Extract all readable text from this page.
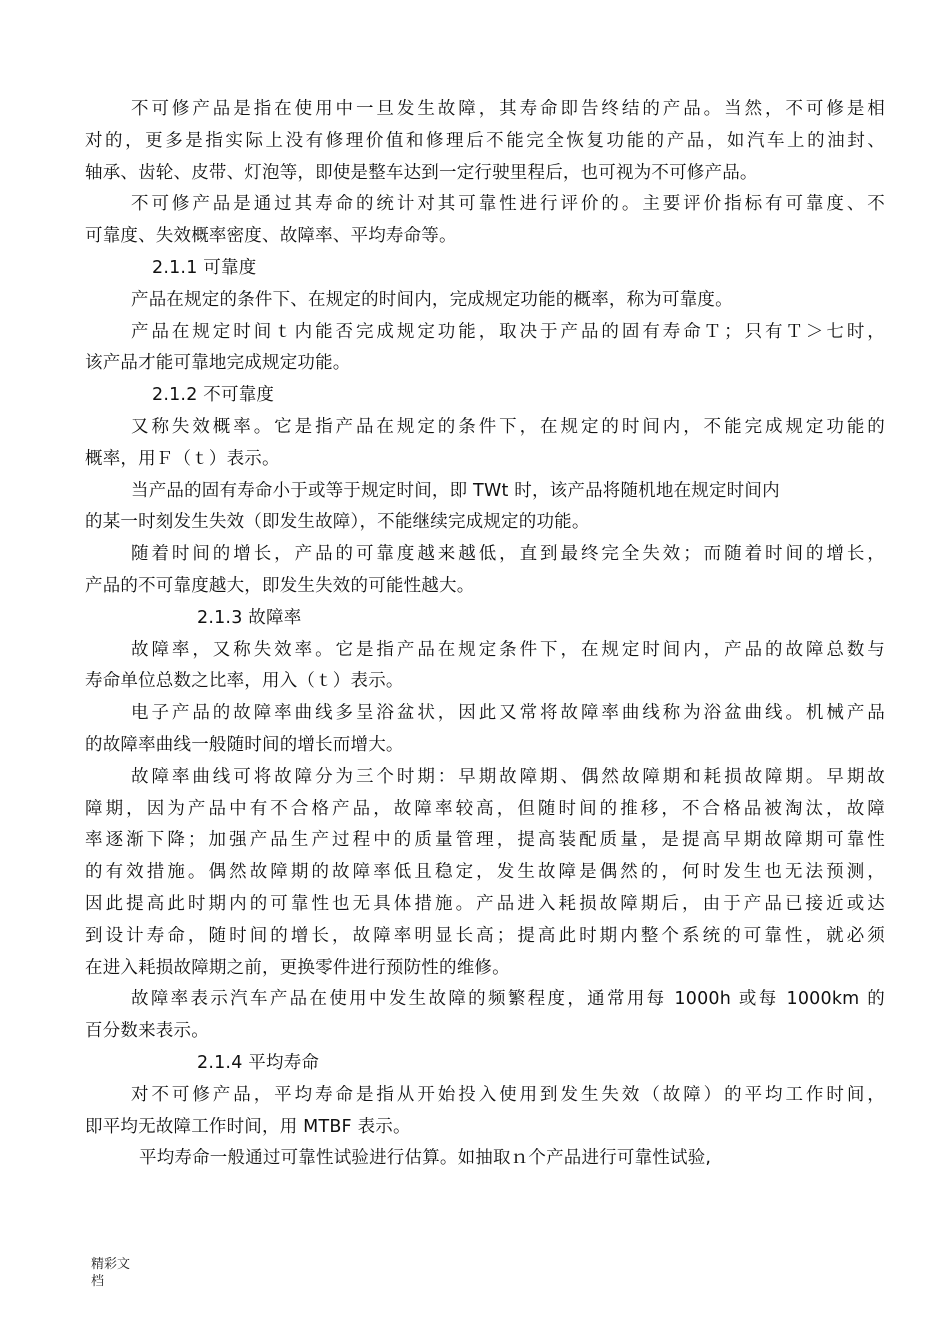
不可修产品是指在使用中一旦发生故障，其寿命即告终结的产品。当然，不可修是相
对的，更多是指实际上没有修理价值和修理后不能完全恢复功能的产品，如汽车上的油封、
轴承、齿轮、皮带、灯泡等，即使是整车达到一定行驶里程后，也可视为不可修产品。
不可修产品是通过其寿命的统计对其可靠性进行评价的。主要评价指标有可靠度、不
可靠度、失效概率密度、故障率、平均寿命等。
2.1.1 可靠度
产品在规定的条件下、在规定的时间内，完成规定功能的概率，称为可靠度。
产品在规定时间ｔ内能否完成规定功能，取决于产品的固有寿命Ｔ；只有Ｔ＞七时，
该产品才能可靠地完成规定功能。
2.1.2 不可靠度
又称失效概率。它是指产品在规定的条件下，在规定的时间内，不能完成规定功能的
概率，用Ｆ（ｔ）表示。
当产品的固有寿命小于或等于规定时间，即 TWt 时，该产品将随机地在规定时间内
的某一时刻发生失效（即发生故障），不能继续完成规定的功能。
随着时间的增长，产品的可靠度越来越低，直到最终完全失效；而随着时间的增长，
产品的不可靠度越大，即发生失效的可能性越大。
2.1.3 故障率
故障率，又称失效率。它是指产品在规定条件下，在规定时间内，产品的故障总数与
寿命单位总数之比率，用入（ｔ）表示。
电子产品的故障率曲线多呈浴盆状，因此又常将故障率曲线称为浴盆曲线。机械产品
的故障率曲线一般随时间的增长而增大。
故障率曲线可将故障分为三个时期：早期故障期、偶然故障期和耗损故障期。早期故
障期，因为产品中有不合格产品，故障率较高，但随时间的推移，不合格品被淘汰，故障
率逐渐下降；加强产品生产过程中的质量管理，提高装配质量，是提高早期故障期可靠性
的有效措施。偶然故障期的故障率低且稳定，发生故障是偶然的，何时发生也无法预测，
因此提高此时期内的可靠性也无具体措施。产品进入耗损故障期后，由于产品已接近或达
到设计寿命，随时间的增长，故障率明显长高；提高此时期内整个系统的可靠性，就必须
在进入耗损故障期之前，更换零件进行预防性的维修。
故障率表示汽车产品在使用中发生故障的频繁程度，通常用每 1000h 或每 1000km 的
百分数来表示。
2.1.4 平均寿命
对不可修产品，平均寿命是指从开始投入使用到发生失效（故障）的平均工作时间，
即平均无故障工作时间，用 MTBF 表示。
平均寿命一般通过可靠性试验进行估算。如抽取ｎ个产品进行可靠性试验,
精彩文
档
